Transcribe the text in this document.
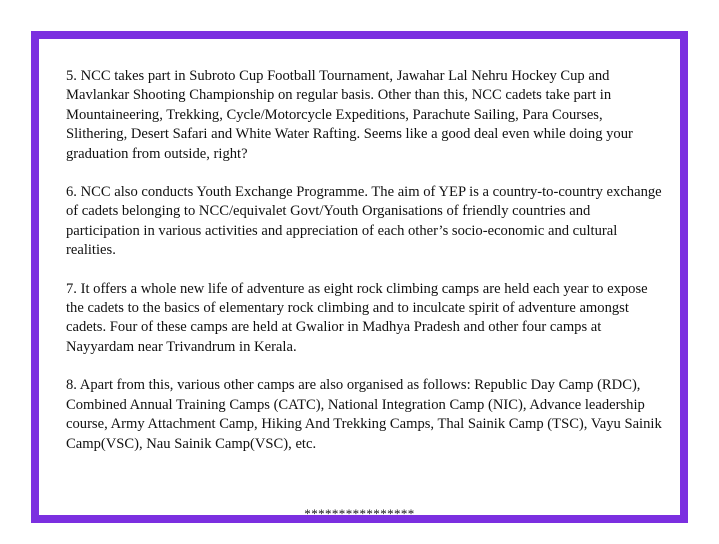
5. NCC takes part in Subroto Cup Football Tournament, Jawahar Lal Nehru Hockey Cup and Mavlankar Shooting Championship on regular basis. Other than this, NCC cadets take part in Mountaineering, Trekking, Cycle/Motorcycle Expeditions, Parachute Sailing, Para Courses, Slithering, Desert Safari and White Water Rafting. Seems like a good deal even while doing your graduation from outside, right?

6. NCC also conducts Youth Exchange Programme. The aim of YEP is a country-to-country exchange of cadets belonging to NCC/equivalet Govt/Youth Organisations of friendly countries and participation in various activities and appreciation of each other’s socio-economic and cultural realities.

7. It offers a whole new life of adventure as eight rock climbing camps are held each year to expose the cadets to the basics of elementary rock climbing and to inculcate spirit of adventure amongst cadets. Four of these camps are held at Gwalior in Madhya Pradesh and other four camps at Nayyardam near Trivandrum in Kerala.

8. Apart from this, various other camps are also organised as follows: Republic Day Camp (RDC), Combined Annual Training Camps (CATC), National Integration Camp (NIC), Advance leadership course, Army Attachment Camp, Hiking And Trekking Camps, Thal Sainik Camp (TSC), Vayu Sainik Camp(VSC), Nau Sainik Camp(VSC), etc.

****************
